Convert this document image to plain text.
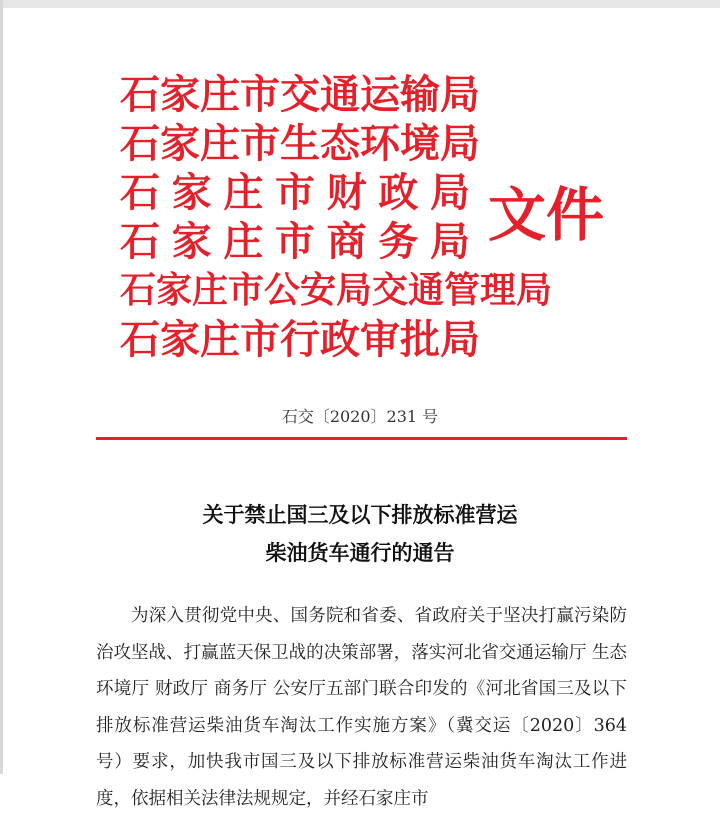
石家庄市交通运输局
石家庄市生态环境局
石家庄市财政局
石家庄市商务局
石家庄市公安局交通管理局
石家庄市行政审批局
文件
石交〔2020〕231 号
关于禁止国三及以下排放标准营运
柴油货车通行的通告

为深入贯彻党中央、国务院和省委、省政府关于坚决打赢污染防治攻坚战、打赢蓝天保卫战的决策部署，落实河北省交通运输厅 生态环境厅 财政厅 商务厅 公安厅五部门联合印发的《河北省国三及以下排放标准营运柴油货车淘汰工作实施方案》（冀交运〔2020〕364 号）要求，加快我市国三及以下排放标准营运柴油货车淘汰工作进度，依据相关法律法规规定，并经石家庄市
